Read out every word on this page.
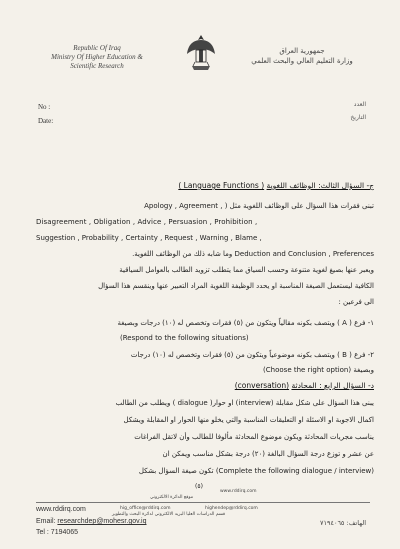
Republic Of Iraq
Ministry Of Higher Education &
Scientific Research
جمهورية العراق
وزارة التعليم العالي والبحث العلمي
No :
Date:
العدد
التاريخ
ج- السؤال الثالث: الوظائف اللغوية ( Language Functions )
تبنى فقرات هذا السؤال على الوظائف اللغوية مثل ( Apology , Agreement ,
Disagreement , Obligation , Advice , Persuasion , Prohibition ,
Suggestion , Probability , Certainty , Request , Warning , Blame ,
Deduction and Conclusion , Preferences وما شابه ذلك من الوظائف اللغوية.
ويعبر عنها بصيغ لغوية متنوعة وحسب السياق مما يتطلب تزويد الطالب بالعوامل السياقية
الكافية ليستعمل الصيغة المناسبة او يحدد الوظيفة اللغوية المراد التعبير عنها وينقسم هذا السؤال
الى فرعين :
١- فرع ( A ) ويتصف بكونه مقالياً ويتكون من (٥) فقرات وتخصص له (١٠) درجات وبصيغة
(Respond to the following situations)
٢- فرع ( B ) ويتصف بكونه موضوعياً ويتكون من (٥) فقرات وتخصص له (١٠) درجات
وبصيغة (Choose the right option)
د- السؤال الرابع : المحادثة (conversation)
يبنى هذا السؤال على شكل مقابلة (interview) او حوار( dialogue ) ويطلب من الطالب
اكمال الاجوبة او الاسئلة او التعليقات المناسبة والتي يخلو منها الحوار او المقابلة ويشكل
يناسب مجريات المحادثة ويكون موضوع المحادثة مألوفا للطالب وأن لاتقل الفراغات
عن عشر و توزع درجة السؤال البالغة (٢٠) درجة بشكل مناسب ويمكن ان
(Complete the following dialogue / interview) تكون صيغة السؤال بشكل
(٥)
www.rddirq.com
موقع الدائرة الالكتروني
hig_office@rddirq.com	highendep@rddirq.com
قسم الدراسات العليا البريد الالكتروني لدائرة البحث والتطوير
www.rddirq.com
Email: researchdep@mohesr.gov.iq
Tel : 7194065
الهاتف: ٧١٩٤٠٦٥
